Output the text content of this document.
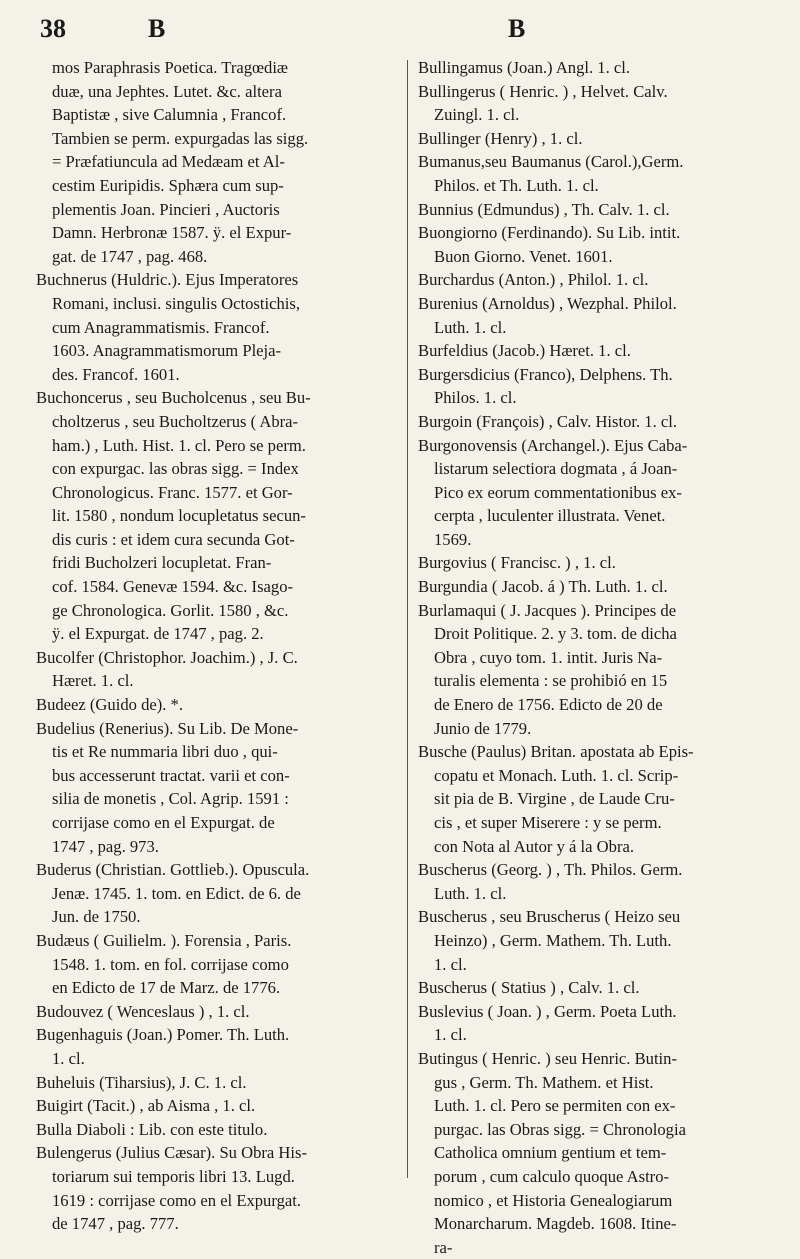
38	B	B
mos Paraphrasis Poetica. Tragœdiæ
duæ, una Jephtes. Lutet. &c. altera
Baptistæ , sive Calumnia , Francof.
Tambien se perm. expurgadas las sigg.
= Præfatiuncula ad Medæam et Al-
cestim Euripidis. Sphæra cum sup-
plementis Joan. Pincieri , Auctoris
Damn. Herbronæ 1587. ÿ. el Expur-
gat. de 1747 , pag. 468.
Buchnerus (Huldric.). Ejus Imperatores
Romani, inclusi. singulis Octostichis,
cum Anagrammatismis. Francof.
1603. Anagrammatismorum Pleja-
des. Francof. 1601.
Buchoncerus , seu Bucholcenus , seu Bu-
choltzerus , seu Bucholtzerus ( Abra-
ham.) , Luth. Hist. 1. cl. Pero se perm.
con expurgac. las obras sigg. = Index
Chronologicus. Franc. 1577. et Gor-
lit. 1580 , nondum locupletatus secun-
dis curis : et idem cura secunda Got-
fridi Bucholzeri locupletat. Fran-
cof. 1584. Genevæ 1594. &c. Isago-
ge Chronologica. Gorlit. 1580 , &c.
ÿ. el Expurgat. de 1747 , pag. 2.
Bucolfer (Christophor. Joachim.) , J. C.
Hæret. 1. cl.
Budeez (Guido de). *.
Budelius (Renerius). Su Lib. De Mone-
tis et Re nummaria libri duo , qui-
bus accesserunt tractat. varii et con-
silia de monetis , Col. Agrip. 1591 :
corrijase como en el Expurgat. de
1747 , pag. 973.
Buderus (Christian. Gottlieb.). Opuscula.
Jenæ. 1745. 1. tom. en Edict. de 6. de
Jun. de 1750.
Budæus ( Guilielm. ). Forensia , Paris.
1548. 1. tom. en fol. corrijase como
en Edicto de 17 de Marz. de 1776.
Budouvez ( Wenceslaus ) , 1. cl.
Bugenhaguis (Joan.) Pomer. Th. Luth.
1. cl.
Buheluis (Tiharsius), J. C. 1. cl.
Buigirt (Tacit.) , ab Aisma , 1. cl.
Bulla Diaboli : Lib. con este titulo.
Bulengerus (Julius Cæsar). Su Obra His-
toriarum sui temporis libri 13. Lugd.
1619 : corrijase como en el Expurgat.
de 1747 , pag. 777.
Bullingamus (Joan.) Angl. 1. cl.
Bullingerus ( Henric. ) , Helvet. Calv.
Zuingl. 1. cl.
Bullinger (Henry) , 1. cl.
Bumanus,seu Baumanus (Carol.),Germ.
Philos. et Th. Luth. 1. cl.
Bunnius (Edmundus) , Th. Calv. 1. cl.
Buongiorno (Ferdinando). Su Lib. intit.
Buon Giorno. Venet. 1601.
Burchardus (Anton.) , Philol. 1. cl.
Burenius (Arnoldus) , Wezphal. Philol.
Luth. 1. cl.
Burfeldius (Jacob.) Hæret. 1. cl.
Burgersdicius (Franco), Delphens. Th.
Philos. 1. cl.
Burgoin (François) , Calv. Histor. 1. cl.
Burgonovensis (Archangel.). Ejus Caba-
listarum selectiora dogmata , á Joan-
Pico ex eorum commentationibus ex-
cerpta , luculenter illustrata. Venet.
1569.
Burgovius ( Francisc. ) , 1. cl.
Burgundia ( Jacob. á ) Th. Luth. 1. cl.
Burlamaqui ( J. Jacques ). Principes de
Droit Politique. 2. y 3. tom. de dicha
Obra , cuyo tom. 1. intit. Juris Na-
turalis elementa : se prohibió en 15
de Enero de 1756. Edicto de 20 de
Junio de 1779.
Busche (Paulus) Britan. apostata ab Epis-
copatu et Monach. Luth. 1. cl. Scrip-
sit pia de B. Virgine , de Laude Cru-
cis , et super Miserere : y se perm.
con Nota al Autor y á la Obra.
Buscherus (Georg. ) , Th. Philos. Germ.
Luth. 1. cl.
Buscherus , seu Bruscherus ( Heizo seu
Heinzo) , Germ. Mathem. Th. Luth.
1. cl.
Buscherus ( Statius ) , Calv. 1. cl.
Buslevius ( Joan. ) , Germ. Poeta Luth.
1. cl.
Butingus ( Henric. ) seu Henric. Butin-
gus , Germ. Th. Mathem. et Hist.
Luth. 1. cl. Pero se permiten con ex-
purgac. las Obras sigg. = Chronologia
Catholica omnium gentium et tem-
porum , cum calculo quoque Astro-
nomico , et Historia Genealogiarum
Monarcharum. Magdeb. 1608. Itine-
ra-
